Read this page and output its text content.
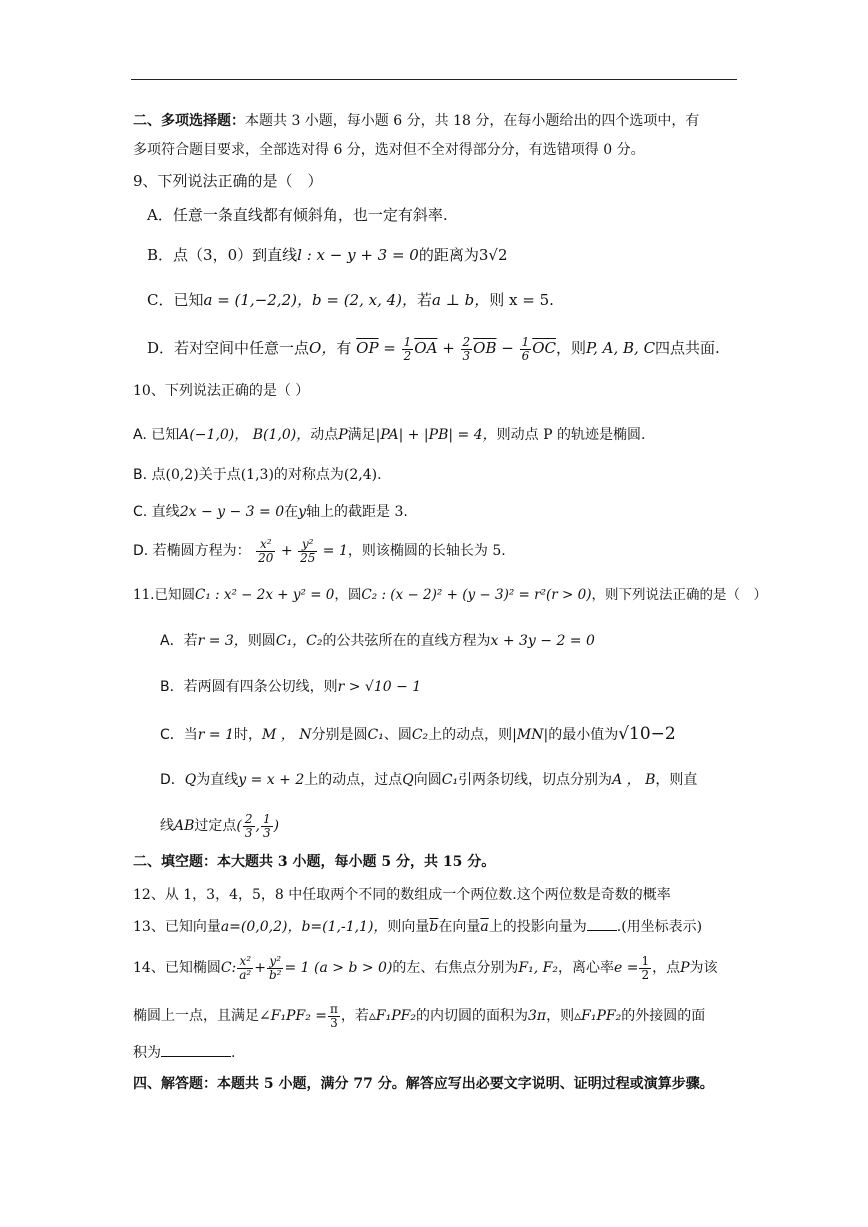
二、多项选择题：本题共 3 小题，每小题 6 分，共 18 分，在每小题给出的四个选项中，有
多项符合题目要求，全部选对得 6 分，选对但不全对得部分分，有选错项得 0 分。
9、下列说法正确的是（　）
A．任意一条直线都有倾斜角，也一定有斜率.
B．点（3，0）到直线l : x − y + 3 = 0的距离为3√2
C．已知a = (1,−2,2)，b = (2, x, 4)，若a ⊥ b，则 x = 5.
D．若对空间中任意一点O，有 $\overline{OP} = \frac{1}{2} \overline{OA} + \frac{2}{3} \overline{OB} - \frac{1}{6} \overline{OC}$，则P, A, B, C四点共面.
10、下列说法正确的是（ ）
A. 已知A(−1,0)， B(1,0)，动点P满足|PA| + |PB| = 4，则动点 P 的轨迹是椭圆.
B. 点(0,2)关于点(1,3)的对称点为(2,4).
C. 直线2x − y − 3 = 0在y轴上的截距是 3.
D. 若椭圆方程为： $\frac{\text{x²}}{20} + \frac{\text{y²}}{25} = 1$，则该椭圆的长轴长为 5.
11.已知圆C₁ : x² − 2x + y² = 0，圆C₂ : (x − 2)² + (y − 3)² = r²(r > 0)，则下列说法正确的是（　）
A．若r = 3，则圆C₁，C₂的公共弦所在的直线方程为x + 3y − 2 = 0
B．若两圆有四条公切线，则r > √10 − 1
C．当r = 1时，M ， N分别是圆C₁、圆C₂上的动点，则|MN|的最小值为√10−2
D．Q为直线y = x + 2上的动点，过点Q向圆C₁引两条切线，切点分别为A ， B，则直
线AB过定点( $\frac{2}{3}$ , $\frac{1}{3}$ )
二、填空题：本大题共 3 小题，每小题 5 分，共 15 分。
12、从 1，3，4，5，8 中任取两个不同的数组成一个两位数.这个两位数是奇数的概率
13、已知向量a=(0,0,2)，b=(1,-1,1)，则向量$\overline{b}$在向量$\overline{a}$上的投影向量为 .(用坐标表示)
14、已知椭圆C: $\frac{\text{x²}}{\text{a²}} + \frac{\text{y²}}{\text{b²}} = 1$ (a > b > 0)的左、右焦点分别为F₁, F₂，离心率$e = \frac{1}{2}$ ，点P为该
椭圆上一点，且满足∠F₁PF₂ = $\frac{\pi}{3}$ ，若▵F₁PF₂的内切圆的面积为3π，则▵F₁PF₂的外接圆的面
积为	.
四、解答题：本题共 5 小题，满分 77 分。解答应写出必要文字说明、证明过程或演算步骤。
